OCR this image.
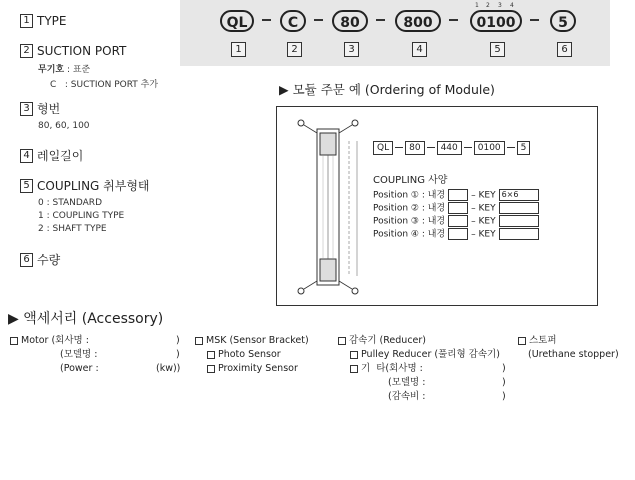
1 TYPE
2 SUCTION PORT
무기호 : 표준
C : SUCTION PORT 추가
3 형번
80, 60, 100
4 레일길이
5 COUPLING 취부형태
0 : STANDARD
1 : COUPLING TYPE
2 : SHAFT TYPE
6 수량
QL	C	80	800	0100	5
1 2 3 4
1	2	3	4	5	6
▶ 모듈 주문 예 (Ordering of Module)
QL 80 440 0100 5
COUPLING 사양
Position ① : 내경	– KEY 6×6
Position ② : 내경	– KEY
Position ③ : 내경	– KEY
Position ④ : 내경	– KEY
▶ 액세서리 (Accessory)
Motor (회사명 :	)
(모델명 :	)
(Power :	(kw))
MSK (Sensor Bracket)
Photo Sensor
Proximity Sensor
감속기 (Reducer)
Pulley Reducer (풀리형 감속기)
기  타(회사명 :	)
(모델명 :	)
(감속비 :	)
스토퍼
(Urethane stopper)
